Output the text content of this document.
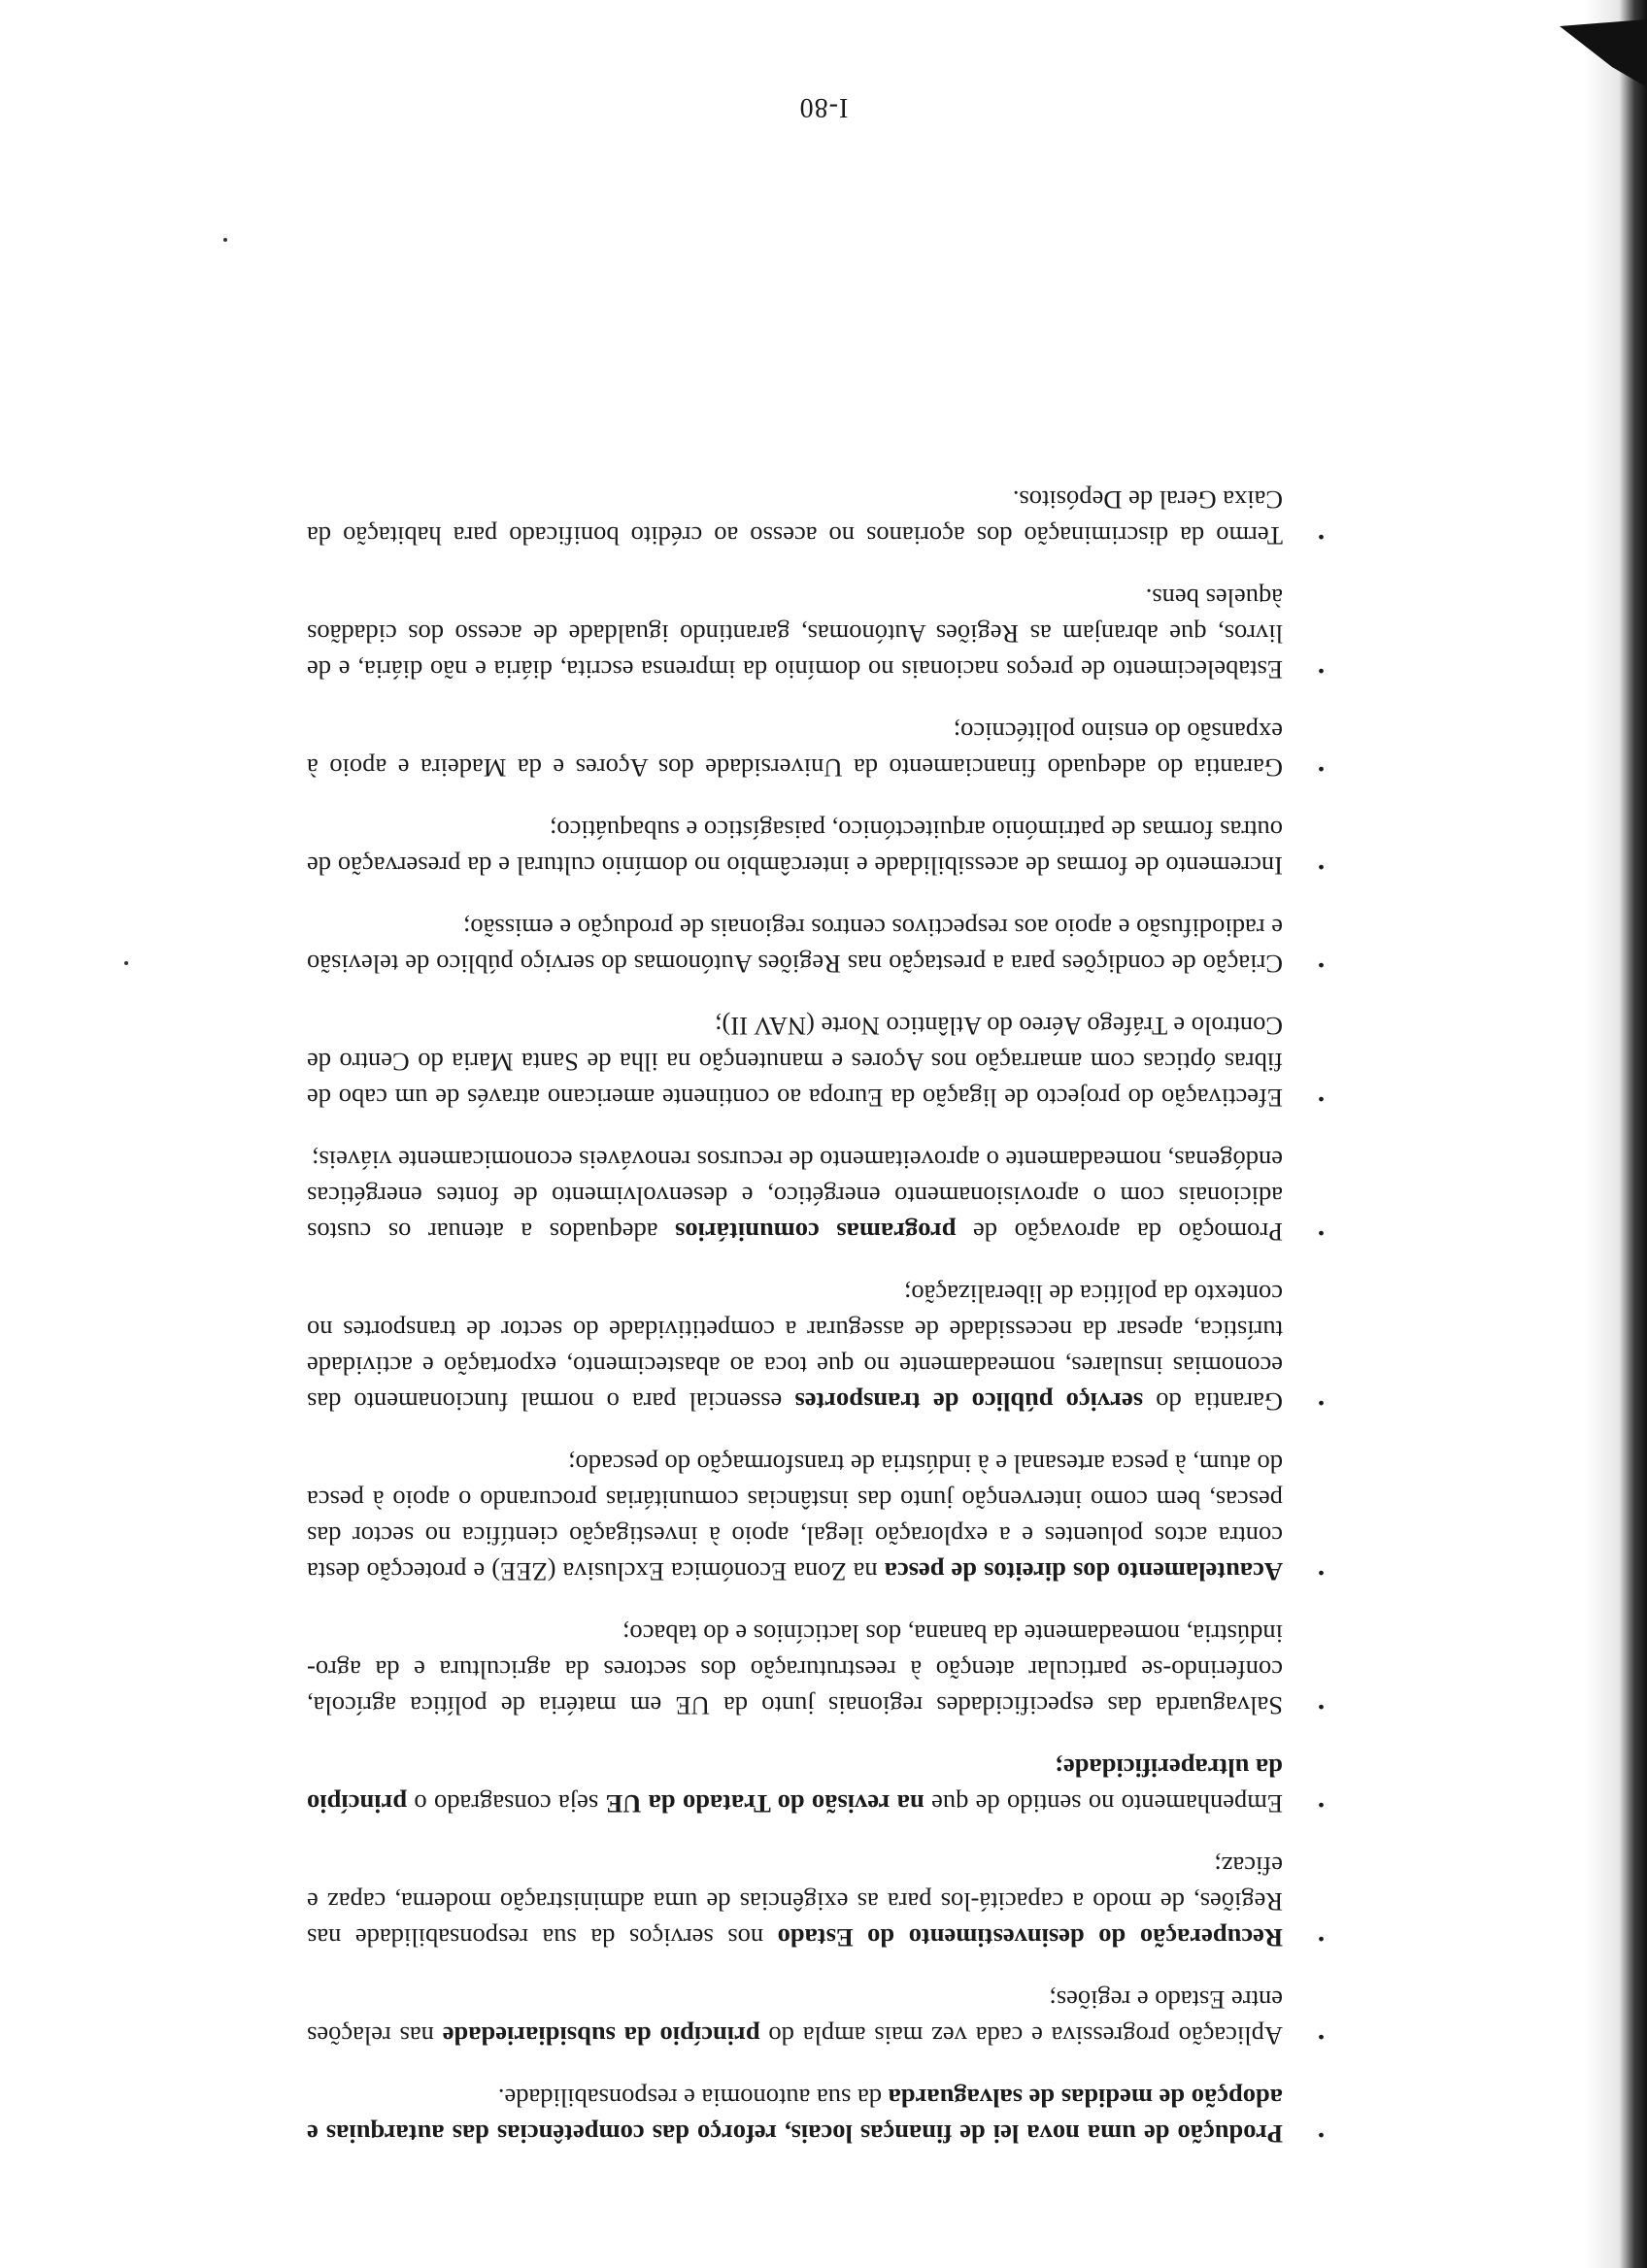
•
Produção de uma nova lei de finanças locais, reforço das competências das autarquias e adopção de medidas de salvaguarda da sua autonomia e responsabilidade.
•
Aplicação progressiva e cada vez mais ampla do princípio da subsidiariedade nas relações entre Estado e regiões;
•
Recuperação do desinvestimento do Estado nos serviços da sua responsabilidade nas Regiões, de modo a capacitá-los para as exigências de uma administração moderna, capaz e eficaz;
•
Empenhamento no sentido de que na revisão do Tratado da UE seja consagrado o princípio da ultraperificidade;
•
Salvaguarda das especificidades regionais junto da UE em matéria de política agrícola, conferindo-se particular atenção à reestruturação dos sectores da agricultura e da agro-indústria, nomeadamente da banana, dos lacticínios e do tabaco;
•
Acautelamento dos direitos de pesca na Zona Económica Exclusiva (ZEE) e protecção desta contra actos poluentes e a exploração ilegal, apoio à investigação científica no sector das pescas, bem como intervenção junto das instâncias comunitárias procurando o apoio à pesca do atum, à pesca artesanal e à indústria de transformação do pescado;
•
Garantia do serviço público de transportes essencial para o normal funcionamento das economias insulares, nomeadamente no que toca ao abastecimento, exportação e actividade turística, apesar da necessidade de assegurar a competitividade do sector de transportes no contexto da política de liberalização;
•
Promoção da aprovação de programas comunitários adequados a atenuar os custos adicionais com o aprovisionamento energético, e desenvolvimento de fontes energéticas endógenas, nomeadamente o aproveitamento de recursos renováveis economicamente viáveis;
•
Efectivação do projecto de ligação da Europa ao continente americano através de um cabo de fibras ópticas com amarração nos Açores e manutenção na ilha de Santa Maria do Centro de Controlo e Tráfego Aéreo do Atlântico Norte (NAV II);
•
Criação de condições para a prestação nas Regiões Autónomas do serviço público de televisão e radiodifusão e apoio aos respectivos centros regionais de produção e emissão;
•
Incremento de formas de acessibilidade e intercâmbio no domínio cultural e da preservação de outras formas de património arquitectónico, paisagístico e subaquático;
•
Garantia do adequado financiamento da Universidade dos Açores e da Madeira e apoio à expansão do ensino politécnico;
•
Estabelecimento de preços nacionais no domínio da imprensa escrita, diária e não diária, e de livros, que abranjam as Regiões Autónomas, garantindo igualdade de acesso dos cidadãos àqueles bens.
•
Termo da discriminação dos açorianos no acesso ao crédito bonificado para habitação da Caixa Geral de Depósitos.
I-80
